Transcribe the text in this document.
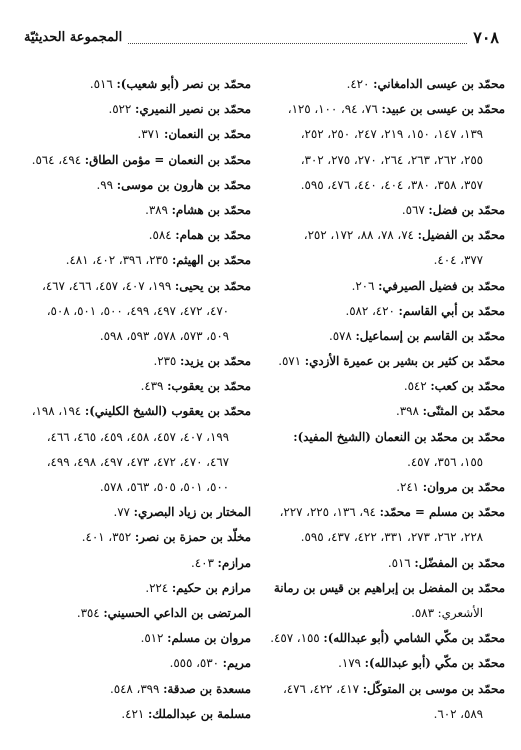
٧٠٨
المجموعة الحديثيّة
محمّد بن عيسى الدامغاني: ٤٢٠.
محمّد بن عيسى بن عبيد: ٧٦، ٩٤، ١٠٠، ١٢٥،
١٣٩، ١٤٧، ١٥٠، ٢١٩، ٢٤٧، ٢٥٠، ٢٥٢،
٢٥٥، ٢٦٢، ٢٦٣، ٢٦٤، ٢٧٠، ٢٧٥، ٣٠٢،
٣٥٧، ٣٥٨، ٣٨٠، ٤٠٤، ٤٤٠، ٤٧٦، ٥٩٥.
محمّد بن فضل: ٥٦٧.
محمّد بن الفضيل: ٧٤، ٧٨، ٨٨، ١٧٢، ٢٥٢،
٣٧٧، ٤٠٤.
محمّد بن فضيل الصيرفي: ٢٠٦.
محمّد بن أبي القاسم: ٤٢٠، ٥٨٢.
محمّد بن القاسم بن إسماعيل: ٥٧٨.
محمّد بن كثير بن بشير بن عميرة الأزدي: ٥٧١.
محمّد بن كعب: ٥٤٢.
محمّد بن المثنّى: ٣٩٨.
محمّد بن محمّد بن النعمان (الشيخ المفيد):
١٥٥، ٣٥٦، ٤٥٧.
محمّد بن مروان: ٢٤١.
محمّد بن مسلم = محمّد: ٩٤، ١٣٦، ٢٢٥، ٢٢٧،
٢٢٨، ٢٦٢، ٢٧٣، ٣٣١، ٤٢٢، ٤٣٧، ٥٩٥.
محمّد بن المفضّل: ٥١٦.
محمّد بن المفضل بن إبراهيم بن قيس بن رمانة
الأشعري: ٥٨٣.
محمّد بن مكّي الشامي (أبو عبدالله): ١٥٥، ٤٥٧.
محمّد بن مكّي (أبو عبدالله): ١٧٩.
محمّد بن موسى بن المتوكّل: ٤١٧، ٤٢٢، ٤٧٦،
٥٨٩، ٦٠٢.
محمّد بن نصر (أبو شعيب): ٥١٦.
محمّد بن نصير النميري: ٥٢٢.
محمّد بن النعمان: ٣٧١.
محمّد بن النعمان = مؤمن الطاق: ٤٩٤، ٥٦٤.
محمّد بن هارون بن موسى: ٩٩.
محمّد بن هشام: ٣٨٩.
محمّد بن همام: ٥٨٤.
محمّد بن الهيثم: ٢٣٥، ٣٩٦، ٤٠٢، ٤٨١.
محمّد بن يحيى: ١٩٩، ٤٠٧، ٤٥٧، ٤٦٦، ٤٦٧،
٤٧٠، ٤٧٢، ٤٩٧، ٤٩٩، ٥٠٠، ٥٠١، ٥٠٨،
٥٠٩، ٥٧٣، ٥٧٨، ٥٩٣، ٥٩٨.
محمّد بن يزيد: ٢٣٥.
محمّد بن يعقوب: ٤٣٩.
محمّد بن يعقوب (الشيخ الكليني): ١٩٤، ١٩٨،
١٩٩، ٤٠٧، ٤٥٧، ٤٥٨، ٤٥٩، ٤٦٥، ٤٦٦،
٤٦٧، ٤٧٠، ٤٧٢، ٤٧٣، ٤٩٧، ٤٩٨، ٤٩٩،
٥٠٠، ٥٠١، ٥٠٥، ٥٦٣، ٥٧٨.
المختار بن زياد البصري: ٧٧.
مخلّد بن حمزة بن نصر: ٣٥٢، ٤٠١.
مرازم: ٤٠٣.
مرازم بن حكيم: ٢٢٤.
المرتضى بن الداعي الحسيني: ٣٥٤.
مروان بن مسلم: ٥١٢.
مريم: ٥٣٠، ٥٥٥.
مسعدة بن صدقة: ٣٩٩، ٥٤٨.
مسلمة بن عبدالملك: ٤٢١.
